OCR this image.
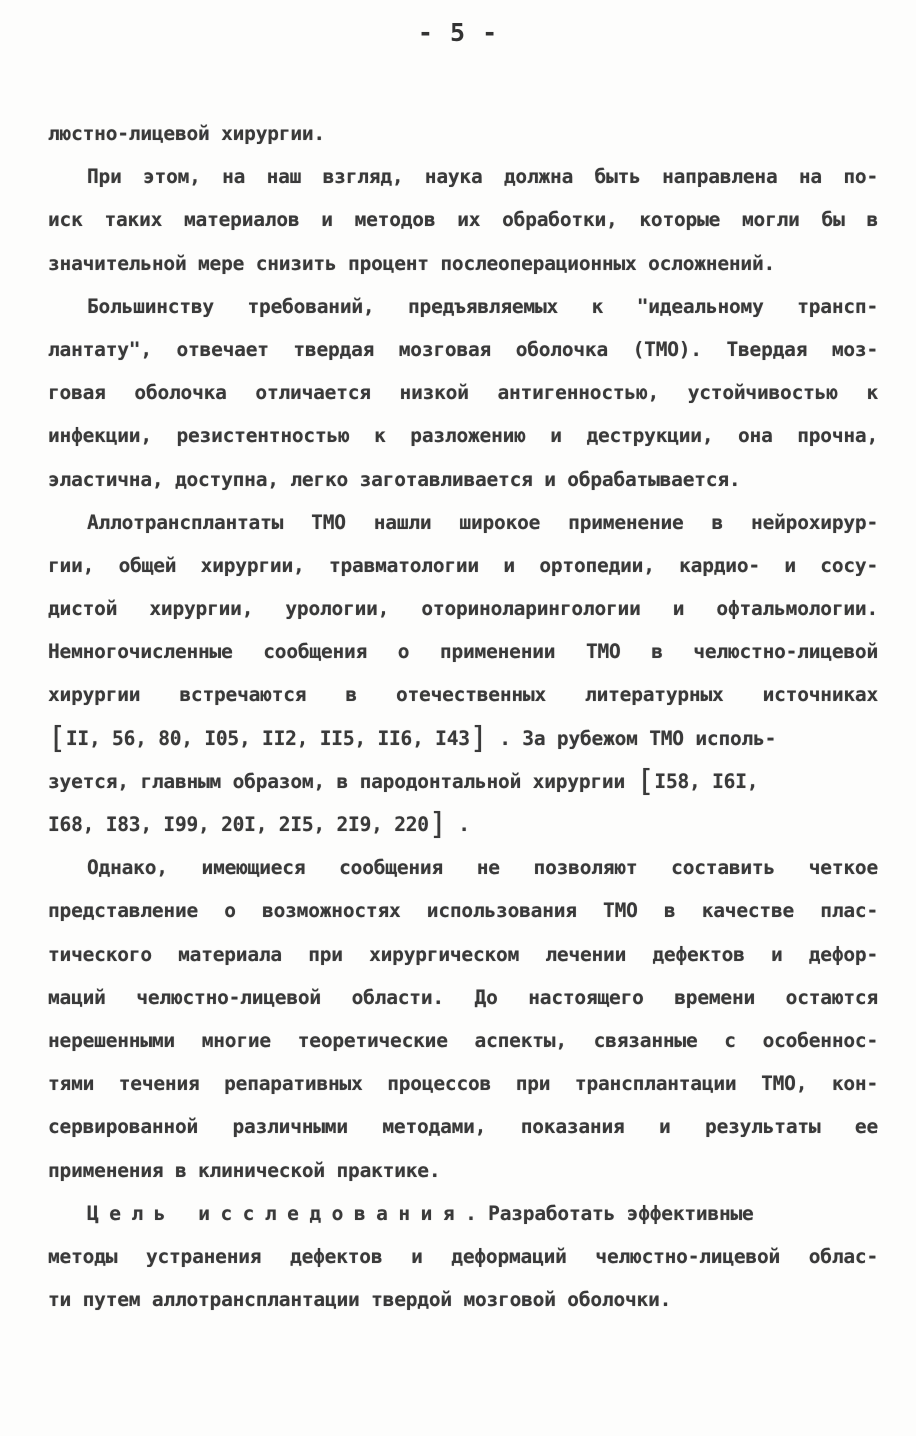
- 5 -
люстно-лицевой хирургии.
При этом, на наш взгляд, наука должна быть направлена на по-
иск таких материалов и методов их обработки, которые могли бы в
значительной мере снизить процент послеоперационных осложнений.
Большинству требований, предъявляемых к "идеальному трансп-
лантату", отвечает твердая мозговая оболочка (ТМО). Твердая моз-
говая оболочка отличается низкой антигенностью, устойчивостью к
инфекции, резистентностью к разложению и деструкции, она прочна,
эластична, доступна, легко заготавливается и обрабатывается.
Аллотрансплантаты ТМО нашли широкое применение в нейрохирур-
гии, общей хирургии, травматологии и ортопедии, кардио- и сосу-
дистой хирургии, урологии, оториноларингологии и офтальмологии.
Немногочисленные сообщения о применении ТМО в челюстно-лицевой
хирургии встречаются в отечественных литературных источниках
[II, 56, 80, I05, II2, II5, II6, I43] . За рубежом ТМО исполь-
зуется, главным образом, в пародонтальной хирургии [I58, I6I,
I68, I83, I99, 20I, 2I5, 2I9, 220] .
Однако, имеющиеся сообщения не позволяют составить четкое
представление о возможностях использования ТМО в качестве плас-
тического материала при хирургическом лечении дефектов и дефор-
маций челюстно-лицевой области. До настоящего времени остаются
нерешенными многие теоретические аспекты, связанные с особеннос-
тями течения репаративных процессов при трансплантации ТМО, кон-
сервированной различными методами, показания и результаты ее
применения в клинической практике.
Цель исследования. Разработать эффективные
методы устранения дефектов и деформаций челюстно-лицевой облас-
ти путем аллотрансплантации твердой мозговой оболочки.
